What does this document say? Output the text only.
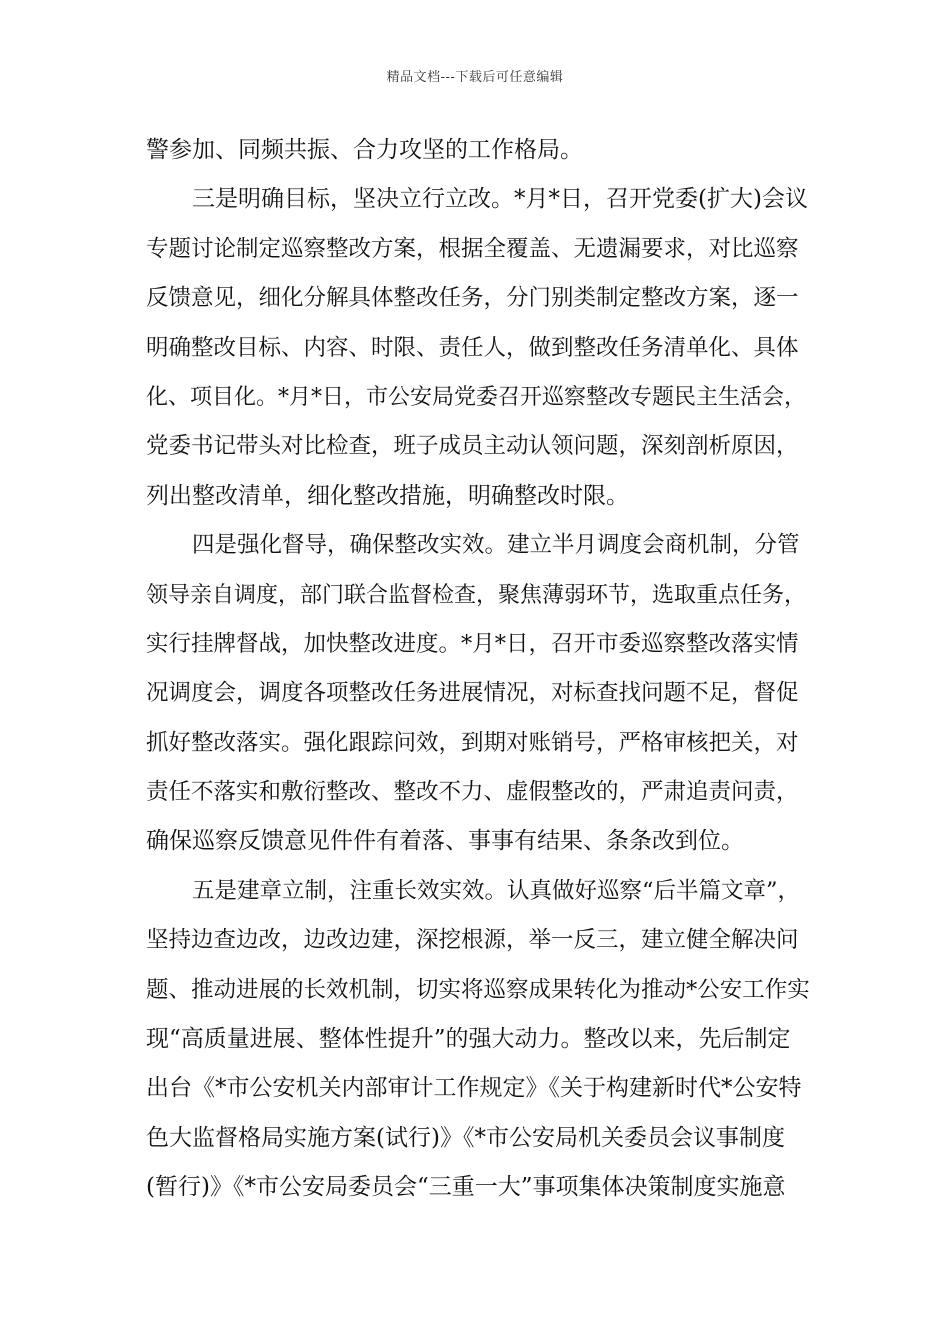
精品文档---下载后可任意编辑
警参加、同频共振、合力攻坚的工作格局。
三是明确目标，坚决立行立改。*月*日，召开党委(扩大)会议
专题讨论制定巡察整改方案，根据全覆盖、无遗漏要求，对比巡察
反馈意见，细化分解具体整改任务，分门别类制定整改方案，逐一
明确整改目标、内容、时限、责任人，做到整改任务清单化、具体
化、项目化。*月*日，市公安局党委召开巡察整改专题民主生活会，
党委书记带头对比检查，班子成员主动认领问题，深刻剖析原因，
列出整改清单，细化整改措施，明确整改时限。
四是强化督导，确保整改实效。建立半月调度会商机制，分管
领导亲自调度，部门联合监督检查，聚焦薄弱环节，选取重点任务，
实行挂牌督战，加快整改进度。*月*日，召开市委巡察整改落实情
况调度会，调度各项整改任务进展情况，对标查找问题不足，督促
抓好整改落实。强化跟踪问效，到期对账销号，严格审核把关，对
责任不落实和敷衍整改、整改不力、虚假整改的，严肃追责问责，
确保巡察反馈意见件件有着落、事事有结果、条条改到位。
五是建章立制，注重长效实效。认真做好巡察“后半篇文章”，
坚持边查边改，边改边建，深挖根源，举一反三，建立健全解决问
题、推动进展的长效机制，切实将巡察成果转化为推动*公安工作实
现“高质量进展、整体性提升”的强大动力。整改以来，先后制定
出台《*市公安机关内部审计工作规定》《关于构建新时代*公安特
色大监督格局实施方案(试行)》《*市公安局机关委员会议事制度
(暂行)》《*市公安局委员会“三重一大”事项集体决策制度实施意
